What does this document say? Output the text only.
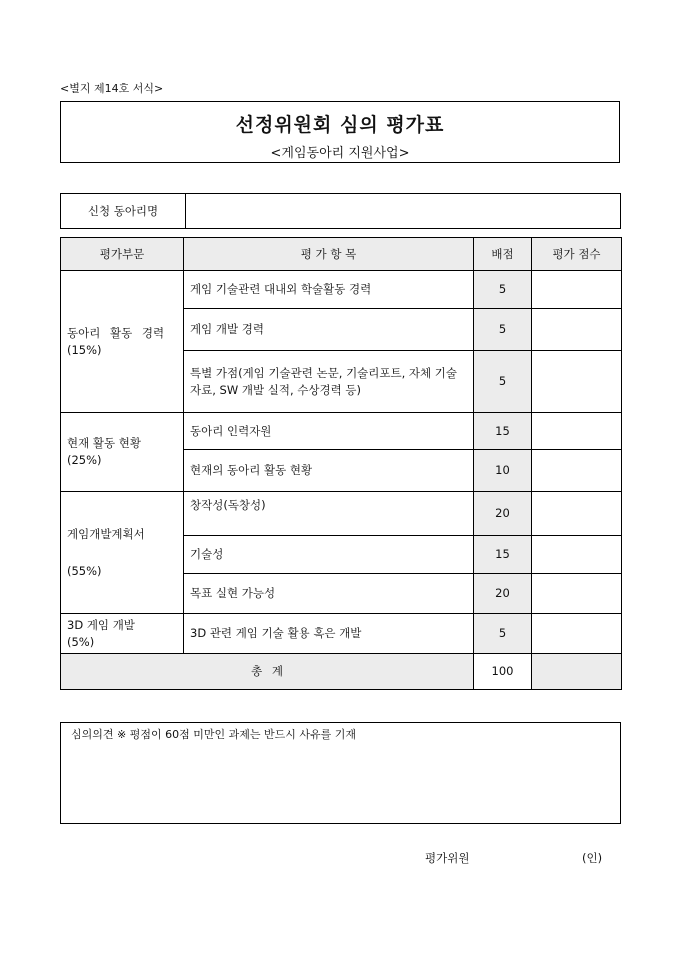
<별지 제14호 서식>
선정위원회 심의 평가표
<게임동아리 지원사업>
신청 동아리명
평가부문	평 가 항 목	배점	평가 점수

동아리 활동 경력
(15%)	게임 기술관련 대내외 학술활동 경력	5	
	게임 개발 경력	5	
	특별 가점(게임 기술관련 논문, 기술리포트, 자체 기술 자료, SW 개발 실적, 수상경력 등)	5	

현재 활동 현황
(25%)	동아리 인력자원	15	
	현재의 동아리 활동 현황	10	

게임개발계획서
(55%)	창작성(독창성)	20	
	기술성	15	
	목표 실현 가능성	20	

3D 게임 개발
(5%)	3D 관련 게임 기술 활용 혹은 개발	5	
총 계		100	
심의의견 ※ 평점이 60점 미만인 과제는 반드시 사유를 기재
평가위원	(인)
